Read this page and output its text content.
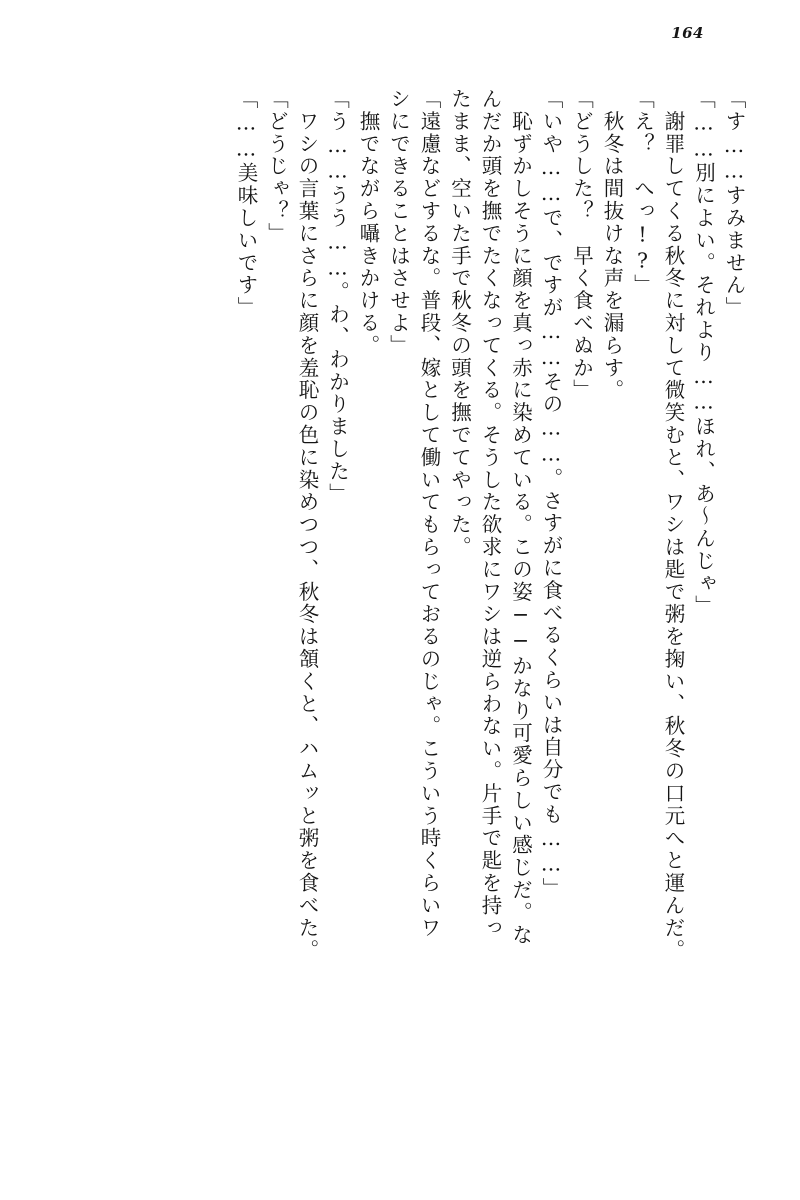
164
「す……すみません」
「……別によい。それより……ほれ、あ～んじゃ」
　謝罪してくる秋冬に対して微笑むと、ワシは匙で粥を掬い、秋冬の口元へと運んだ。
「え？　へっ!?」
　秋冬は間抜けな声を漏らす。
「どうした？　早く食べぬか」
「いや……で、ですが……その……。さすがに食べるくらいは自分でも……」
　恥ずかしそうに顔を真っ赤に染めている。この姿──かなり可愛らしい感じだ。な
んだか頭を撫でたくなってくる。そうした欲求にワシは逆らわない。片手で匙を持っ
たまま、空いた手で秋冬の頭を撫でてやった。
「遠慮などするな。普段、嫁として働いてもらっておるのじゃ。こういう時くらいワ
シにできることはさせよ」
　撫でながら囁きかける。
「う……うう……。わ、わかりました」
　ワシの言葉にさらに顔を羞恥の色に染めつつ、秋冬は頷くと、ハムッと粥を食べた。
「どうじゃ？」
「……美味しいです」
